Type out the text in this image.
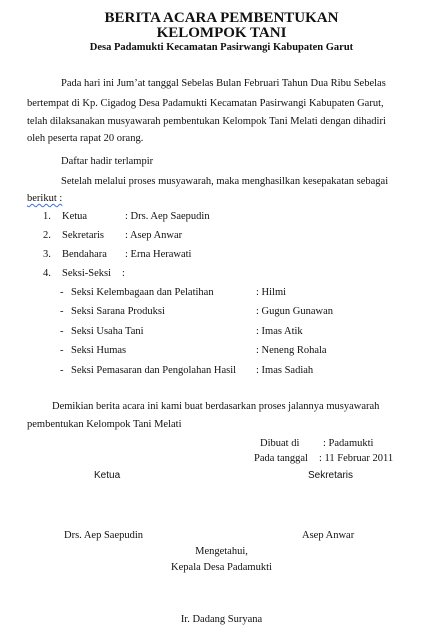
BERITA ACARA PEMBENTUKAN
KELOMPOK TANI
Desa Padamukti Kecamatan Pasirwangi Kabupaten Garut
Pada hari ini Jum’at tanggal Sebelas Bulan Februari Tahun Dua Ribu Sebelas
bertempat di Kp. Cigadog Desa Padamukti Kecamatan Pasirwangi Kabupaten Garut,
telah dilaksanakan musyawarah pembentukan Kelompok Tani Melati dengan dihadiri
oleh peserta rapat 20 orang.
Daftar hadir terlampir
Setelah melalui proses musyawarah, maka menghasilkan kesepakatan sebagai
berikut :
1. Ketua	: Drs. Aep Saepudin
2. Sekretaris : Asep Anwar
3. Bendahara : Erna Herawati
4. Seksi-Seksi :
- Seksi Kelembagaan dan Pelatihan	: Hilmi
- Seksi Sarana Produksi	: Gugun Gunawan
- Seksi Usaha Tani	: Imas Atik
- Seksi Humas	: Neneng Rohala
- Seksi Pemasaran dan Pengolahan Hasil : Imas Sadiah
Demikian berita acara ini kami buat berdasarkan proses jalannya musyawarah
pembentukan Kelompok Tani Melati
Dibuat di : Padamukti
Pada tanggal : 11 Februar 2011
Ketua	Sekretaris
Drs. Aep Saepudin	Asep Anwar
Mengetahui,
Kepala Desa Padamukti
Ir. Dadang Suryana
